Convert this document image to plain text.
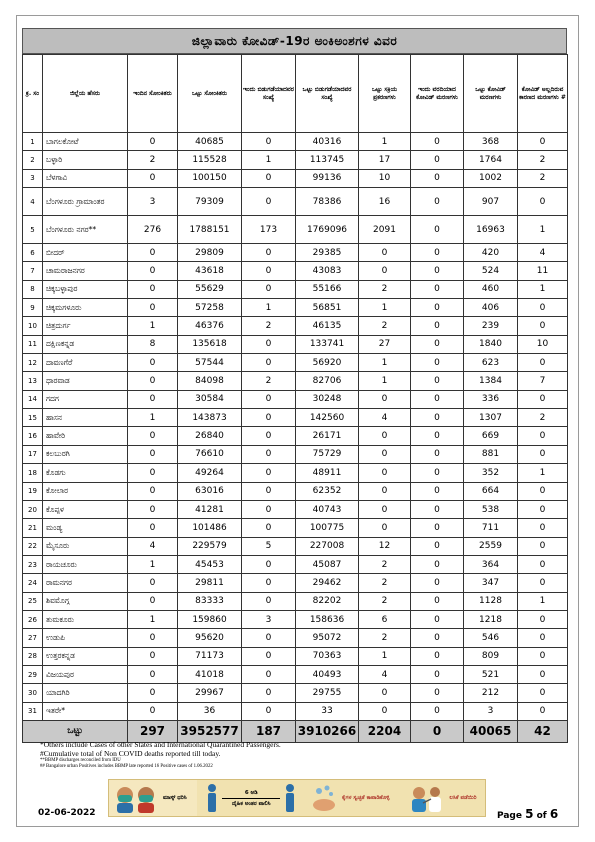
ಜಿಲ್ಲಾವಾರು ಕೋವಿಡ್-19ರ ಅಂಕಿಅಂಶಗಳ ವಿವರ
ಕ್ರ. ಸಂ	ಜಿಲ್ಲೆಯ ಹೆಸರು	ಇಂದಿನ ಸೋಂಕಿತರು	ಒಟ್ಟು ಸೋಂಕಿತರು	ಇಂದು ಬಿಡುಗಡೆಯಾದವರ ಸಂಖ್ಯೆ	ಒಟ್ಟು ಬಿಡುಗಡೆಯಾದವರ ಸಂಖ್ಯೆ	ಒಟ್ಟು ಸಕ್ರಿಯ ಪ್ರಕರಣಗಳು	ಇಂದು ವರದಿಯಾದ ಕೋವಿಡ್ ಮರಣಗಳು	ಒಟ್ಟು ಕೋವಿಡ್ ಮರಣಗಳು	ಕೋವಿಡ್ ಅಲ್ಲದಿರುವ ಕಾರಣದ ಮರಣಗಳು #
1	ಬಾಗಲಕೋಟೆ	0	40685	0	40316	1	0	368	0
2	ಬಳ್ಳಾರಿ	2	115528	1	113745	17	0	1764	2
3	ಬೆಳಗಾವಿ	0	100150	0	99136	10	0	1002	2
4	ಬೆಂಗಳೂರು ಗ್ರಾಮಾಂತರ	3	79309	0	78386	16	0	907	0
5	ಬೆಂಗಳೂರು ನಗರ**	276	1788151	173	1769096	2091	0	16963	1
6	ಬೀದರ್	0	29809	0	29385	0	0	420	4
7	ಚಾಮರಾಜನಗರ	0	43618	0	43083	0	0	524	11
8	ಚಿಕ್ಕಬಳ್ಳಾಪುರ	0	55629	0	55166	2	0	460	1
9	ಚಿಕ್ಕಮಗಳೂರು	0	57258	1	56851	1	0	406	0
10	ಚಿತ್ರದುರ್ಗ	1	46376	2	46135	2	0	239	0
11	ದಕ್ಷಿಣಕನ್ನಡ	8	135618	0	133741	27	0	1840	10
12	ದಾವಣಗೆರೆ	0	57544	0	56920	1	0	623	0
13	ಧಾರವಾಡ	0	84098	2	82706	1	0	1384	7
14	ಗದಗ	0	30584	0	30248	0	0	336	0
15	ಹಾಸನ	1	143873	0	142560	4	0	1307	2
16	ಹಾವೇರಿ	0	26840	0	26171	0	0	669	0
17	ಕಲಬುರಗಿ	0	76610	0	75729	0	0	881	0
18	ಕೊಡಗು	0	49264	0	48911	0	0	352	1
19	ಕೋಲಾರ	0	63016	0	62352	0	0	664	0
20	ಕೊಪ್ಪಳ	0	41281	0	40743	0	0	538	0
21	ಮಂಡ್ಯ	0	101486	0	100775	0	0	711	0
22	ಮೈಸೂರು	4	229579	5	227008	12	0	2559	0
23	ರಾಯಚೂರು	1	45453	0	45087	2	0	364	0
24	ರಾಮನಗರ	0	29811	0	29462	2	0	347	0
25	ಶಿವಮೊಗ್ಗ	0	83333	0	82202	2	0	1128	1
26	ತುಮಕೂರು	1	159860	3	158636	6	0	1218	0
27	ಉಡುಪಿ	0	95620	0	95072	2	0	546	0
28	ಉತ್ತರಕನ್ನಡ	0	71173	0	70363	1	0	809	0
29	ವಿಜಯಪುರ	0	41018	0	40493	4	0	521	0
30	ಯಾದಗಿರಿ	0	29967	0	29755	0	0	212	0
31	ಇತರೇ*	0	36	0	33	0	0	3	0
ಒಟ್ಟು		297	3952577	187	3910266	2204	0	40065	42
*Others include Cases of other States and International Quarantined Passengers.
#Cumulative total of Non COVID deaths reported till today.
**BBMP discharges reconciled from IDU
## Bangalore urban Positives includes BBMP late reported 16 Positive cases of 1.06.2022
ಮಾಸ್ಕ್ ಧರಿಸಿ
6 ಅಡಿ
ದೈಹಿಕ ಅಂತರ ಪಾಲಿಸಿ
ಕೈಗಳ ಸ್ವಚ್ಛತೆ ಕಾಪಾಡಿಕೊಳ್ಳಿ	ಲಸಿಕೆ ಪಡೆಯಿರಿ
02-06-2022	Page 5 of 6
